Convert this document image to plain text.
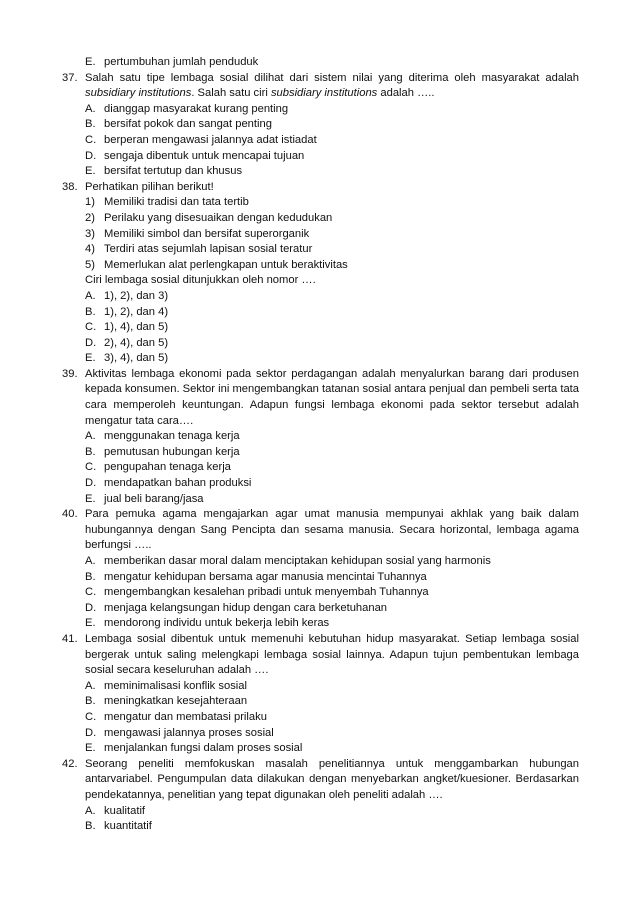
E. pertumbuhan jumlah penduduk
37. Salah satu tipe lembaga sosial dilihat dari sistem nilai yang diterima oleh masyarakat adalah subsidiary institutions. Salah satu ciri subsidiary institutions adalah …..
A. dianggap masyarakat kurang penting
B. bersifat pokok dan sangat penting
C. berperan mengawasi jalannya adat istiadat
D. sengaja dibentuk untuk mencapai tujuan
E. bersifat tertutup dan khusus
38. Perhatikan pilihan berikut!
1) Memiliki tradisi dan tata tertib
2) Perilaku yang disesuaikan dengan kedudukan
3) Memiliki simbol dan bersifat superorganik
4) Terdiri atas sejumlah lapisan sosial teratur
5) Memerlukan alat perlengkapan untuk beraktivitas
Ciri lembaga sosial ditunjukkan oleh nomor ….
A. 1), 2), dan 3)
B. 1), 2), dan 4)
C. 1), 4), dan 5)
D. 2), 4), dan 5)
E. 3), 4), dan 5)
39. Aktivitas lembaga ekonomi pada sektor perdagangan adalah menyalurkan barang dari produsen kepada konsumen. Sektor ini mengembangkan tatanan sosial antara penjual dan pembeli serta tata cara memperoleh keuntungan. Adapun fungsi lembaga ekonomi pada sektor tersebut adalah mengatur tata cara….
A. menggunakan tenaga kerja
B. pemutusan hubungan kerja
C. pengupahan tenaga kerja
D. mendapatkan bahan produksi
E. jual beli barang/jasa
40. Para pemuka agama mengajarkan agar umat manusia mempunyai akhlak yang baik dalam hubungannya dengan Sang Pencipta dan sesama manusia. Secara horizontal, lembaga agama berfungsi …..
A. memberikan dasar moral dalam menciptakan kehidupan sosial yang harmonis
B. mengatur kehidupan bersama agar manusia mencintai Tuhannya
C. mengembangkan kesalehan pribadi untuk menyembah Tuhannya
D. menjaga kelangsungan hidup dengan cara berketuhanan
E. mendorong individu untuk bekerja lebih keras
41. Lembaga sosial dibentuk untuk memenuhi kebutuhan hidup masyarakat. Setiap lembaga sosial bergerak untuk saling melengkapi lembaga sosial lainnya. Adapun tujun pembentukan lembaga sosial secara keseluruhan adalah ….
A. meminimalisasi konflik sosial
B. meningkatkan kesejahteraan
C. mengatur dan membatasi prilaku
D. mengawasi jalannya proses sosial
E. menjalankan fungsi dalam proses sosial
42. Seorang peneliti memfokuskan masalah penelitiannya untuk menggambarkan hubungan antarvariabel. Pengumpulan data dilakukan dengan menyebarkan angket/kuesioner. Berdasarkan pendekatannya, penelitian yang tepat digunakan oleh peneliti adalah ….
A. kualitatif
B. kuantitatif
